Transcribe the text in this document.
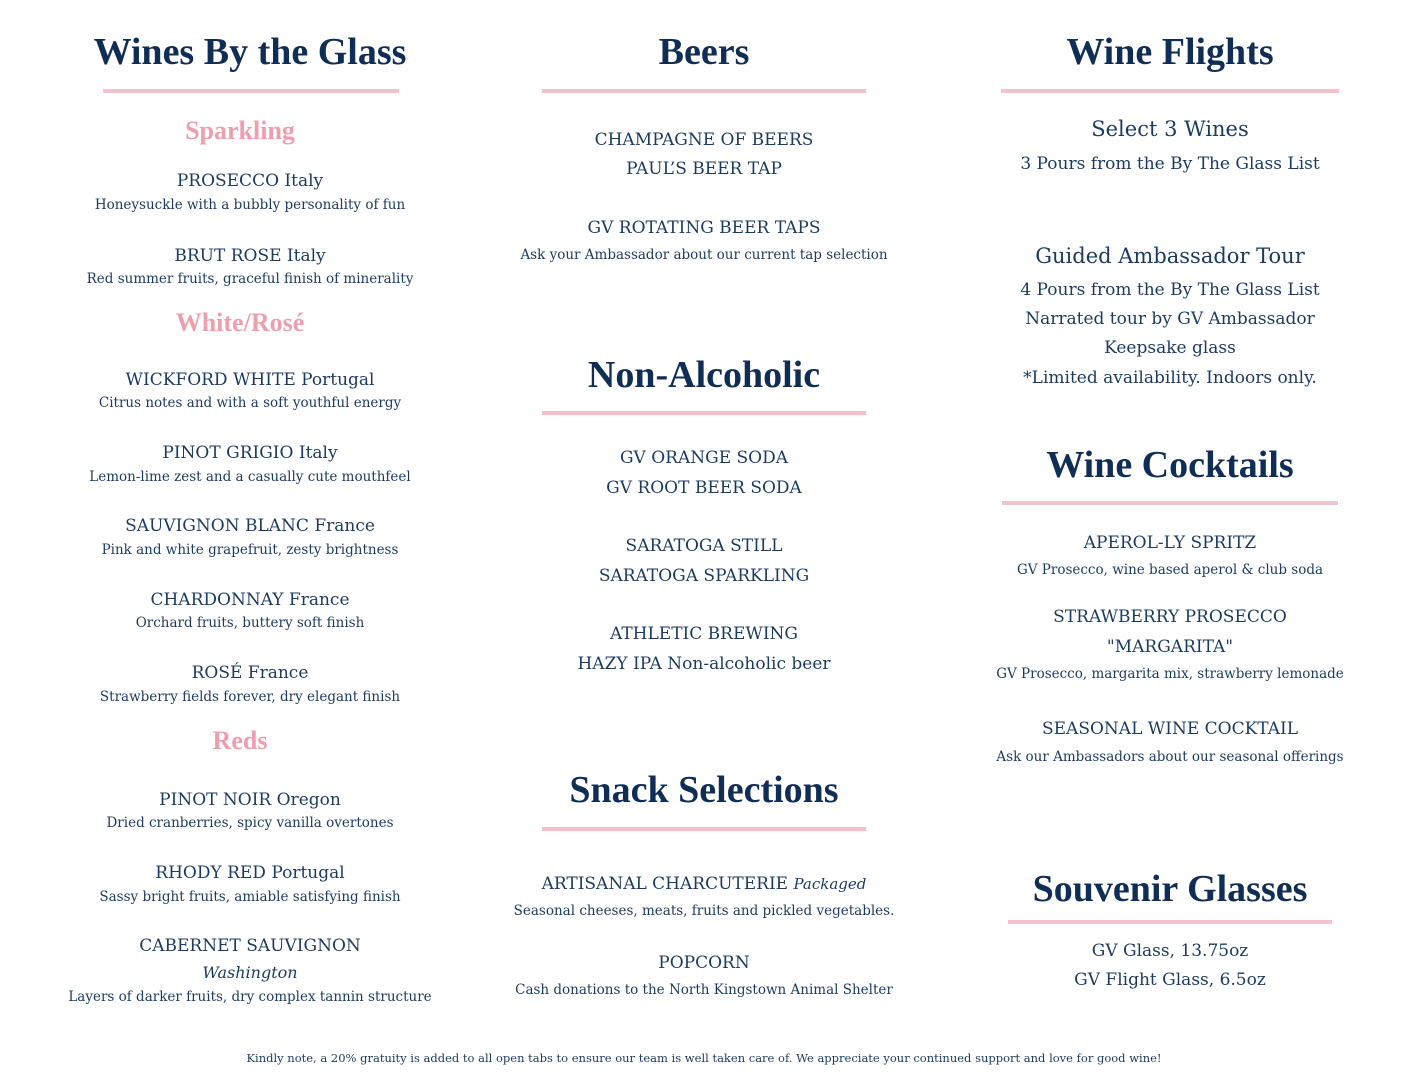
Wines By the Glass
Sparkling
PROSECCO Italy
Honeysuckle with a bubbly personality of fun
BRUT ROSE Italy
Red summer fruits, graceful finish of minerality
White/Rosé
WICKFORD WHITE Portugal
Citrus notes and with a soft youthful energy
PINOT GRIGIO Italy
Lemon-lime zest and a casually cute mouthfeel
SAUVIGNON BLANC France
Pink and white grapefruit, zesty brightness
CHARDONNAY France
Orchard fruits, buttery soft finish
ROSÉ France
Strawberry fields forever, dry elegant finish
Reds
PINOT NOIR Oregon
Dried cranberries, spicy vanilla overtones
RHODY RED Portugal
Sassy bright fruits, amiable satisfying finish
CABERNET SAUVIGNON
Washington
Layers of darker fruits, dry complex tannin structure
Beers
CHAMPAGNE OF BEERS
PAUL’S BEER TAP
GV ROTATING BEER TAPS
Ask your Ambassador about our current tap selection
Non-Alcoholic
GV ORANGE SODA
GV ROOT BEER SODA
SARATOGA STILL
SARATOGA SPARKLING
ATHLETIC BREWING
HAZY IPA Non-alcoholic beer
Snack Selections
ARTISANAL CHARCUTERIE Packaged
Seasonal cheeses, meats, fruits and pickled vegetables.
POPCORN
Cash donations to the North Kingstown Animal Shelter
Wine Flights
Select 3 Wines
3 Pours from the By The Glass List
Guided Ambassador Tour
4 Pours from the By The Glass List
Narrated tour by GV Ambassador
Keepsake glass
*Limited availability. Indoors only.
Wine Cocktails
APEROL-LY SPRITZ
GV Prosecco, wine based aperol & club soda
STRAWBERRY PROSECCO
"MARGARITA"
GV Prosecco, margarita mix, strawberry lemonade
SEASONAL WINE COCKTAIL
Ask our Ambassadors about our seasonal offerings
Souvenir Glasses
GV Glass, 13.75oz
GV Flight Glass, 6.5oz
Kindly note, a 20% gratuity is added to all open tabs to ensure our team is well taken care of. We appreciate your continued support and love for good wine!
